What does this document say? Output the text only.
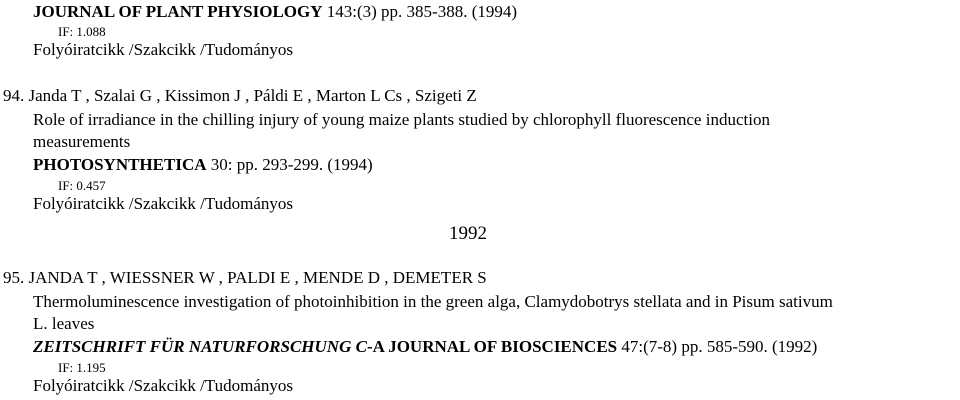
JOURNAL OF PLANT PHYSIOLOGY 143:(3) pp. 385-388. (1994)
IF: 1.088
Folyóiratcikk /Szakcikk /Tudományos
94. Janda T , Szalai G , Kissimon J , Páldi E , Marton L Cs , Szigeti Z
Role of irradiance in the chilling injury of young maize plants studied by chlorophyll fluorescence induction
measurements
PHOTOSYNTHETICA 30: pp. 293-299. (1994)
IF: 0.457
Folyóiratcikk /Szakcikk /Tudományos
1992
95. JANDA T , WIESSNER W , PALDI E , MENDE D , DEMETER S
Thermoluminescence investigation of photoinhibition in the green alga, Clamydobotrys stellata and in Pisum sativum
L. leaves
ZEITSCHRIFT FÜR NATURFORSCHUNG C-A JOURNAL OF BIOSCIENCES 47:(7-8) pp. 585-590. (1992)
IF: 1.195
Folyóiratcikk /Szakcikk /Tudományos
